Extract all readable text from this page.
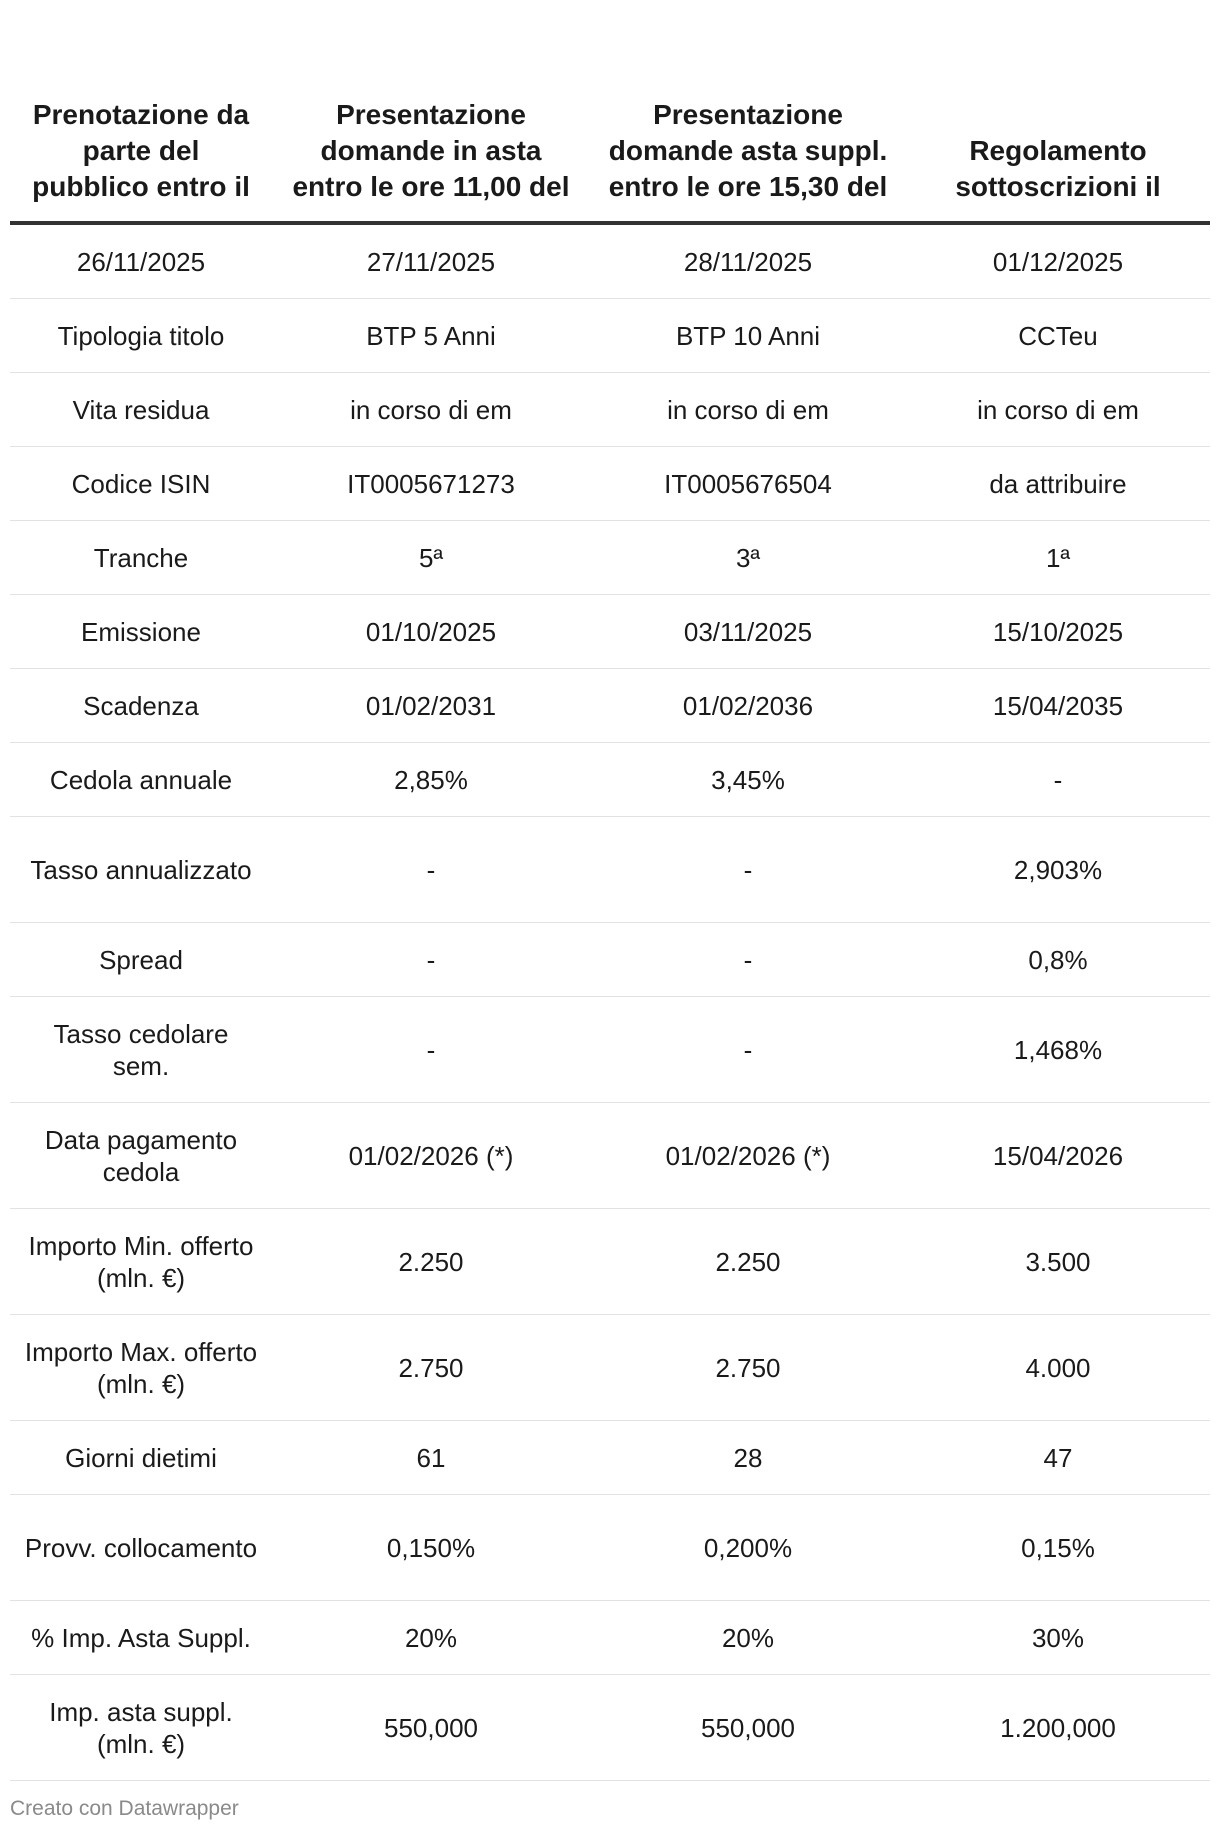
Prenotazione da parte del pubblico entro il	Presentazione domande in asta entro le ore 11,00 del	Presentazione domande asta suppl. entro le ore 15,30 del	Regolamento sottoscrizioni il
26/11/2025	27/11/2025	28/11/2025	01/12/2025
Tipologia titolo	BTP 5 Anni	BTP 10 Anni	CCTeu
Vita residua	in corso di em	in corso di em	in corso di em
Codice ISIN	IT0005671273	IT0005676504	da attribuire
Tranche	5ª	3ª	1ª
Emissione	01/10/2025	03/11/2025	15/10/2025
Scadenza	01/02/2031	01/02/2036	15/04/2035
Cedola annuale	2,85%	3,45%	-
Tasso annualizzato	-	-	2,903%
Spread	-	-	0,8%
Tasso cedolare sem.	-	-	1,468%
Data pagamento cedola	01/02/2026 (*)	01/02/2026 (*)	15/04/2026
Importo Min. offerto (mln. €)	2.250	2.250	3.500
Importo Max. offerto (mln. €)	2.750	2.750	4.000
Giorni dietimi	61	28	47
Provv. collocamento	0,150%	0,200%	0,15%
% Imp. Asta Suppl.	20%	20%	30%
Imp. asta suppl. (mln. €)	550,000	550,000	1.200,000
Creato con Datawrapper
